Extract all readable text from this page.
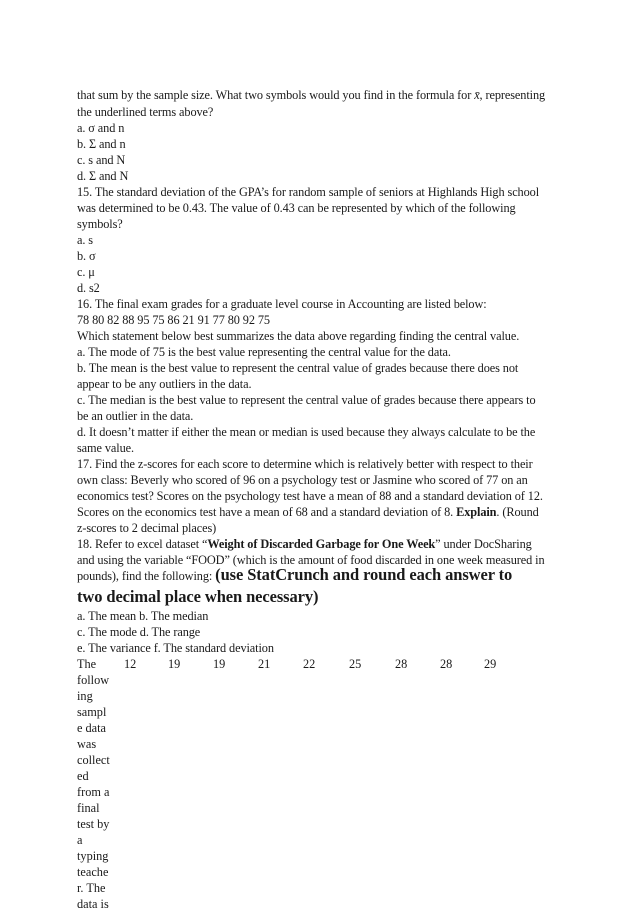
that sum by the sample size. What two symbols would you find in the formula for x̄, representing
the underlined terms above?
a. σ and n
b. Σ and n
c. s and N
d. Σ and N
15. The standard deviation of the GPA’s for random sample of seniors at Highlands High school
was determined to be 0.43. The value of 0.43 can be represented by which of the following
symbols?
a. s
b. σ
c. μ
d. s2
16. The final exam grades for a graduate level course in Accounting are listed below:
78 80 82 88 95 75 86 21 91 77 80 92 75
Which statement below best summarizes the data above regarding finding the central value.
a. The mode of 75 is the best value representing the central value for the data.
b. The mean is the best value to represent the central value of grades because there does not
appear to be any outliers in the data.
c. The median is the best value to represent the central value of grades because there appears to
be an outlier in the data.
d. It doesn’t matter if either the mean or median is used because they always calculate to be the
same value.
17. Find the z-scores for each score to determine which is relatively better with respect to their
own class: Beverly who scored of 96 on a psychology test or Jasmine who scored of 77 on an
economics test? Scores on the psychology test have a mean of 88 and a standard deviation of 12.
Scores on the economics test have a mean of 68 and a standard deviation of 8. Explain. (Round
z-scores to 2 decimal places)
18. Refer to excel dataset “Weight of Discarded Garbage for One Week” under DocSharing
and using the variable “FOOD” (which is the amount of food discarded in one week measured in
pounds), find the following: (use StatCrunch and round each answer to
two decimal place when necessary)
a. The mean b. The median
c. The mode d. The range
e. The variance f. The standard deviation
The
follow
ing
sampl
e data
was
collect
ed
from a
final
test by
a
typing
teache
r. The
data is
12	19	19	21	22	25	28	28	29
